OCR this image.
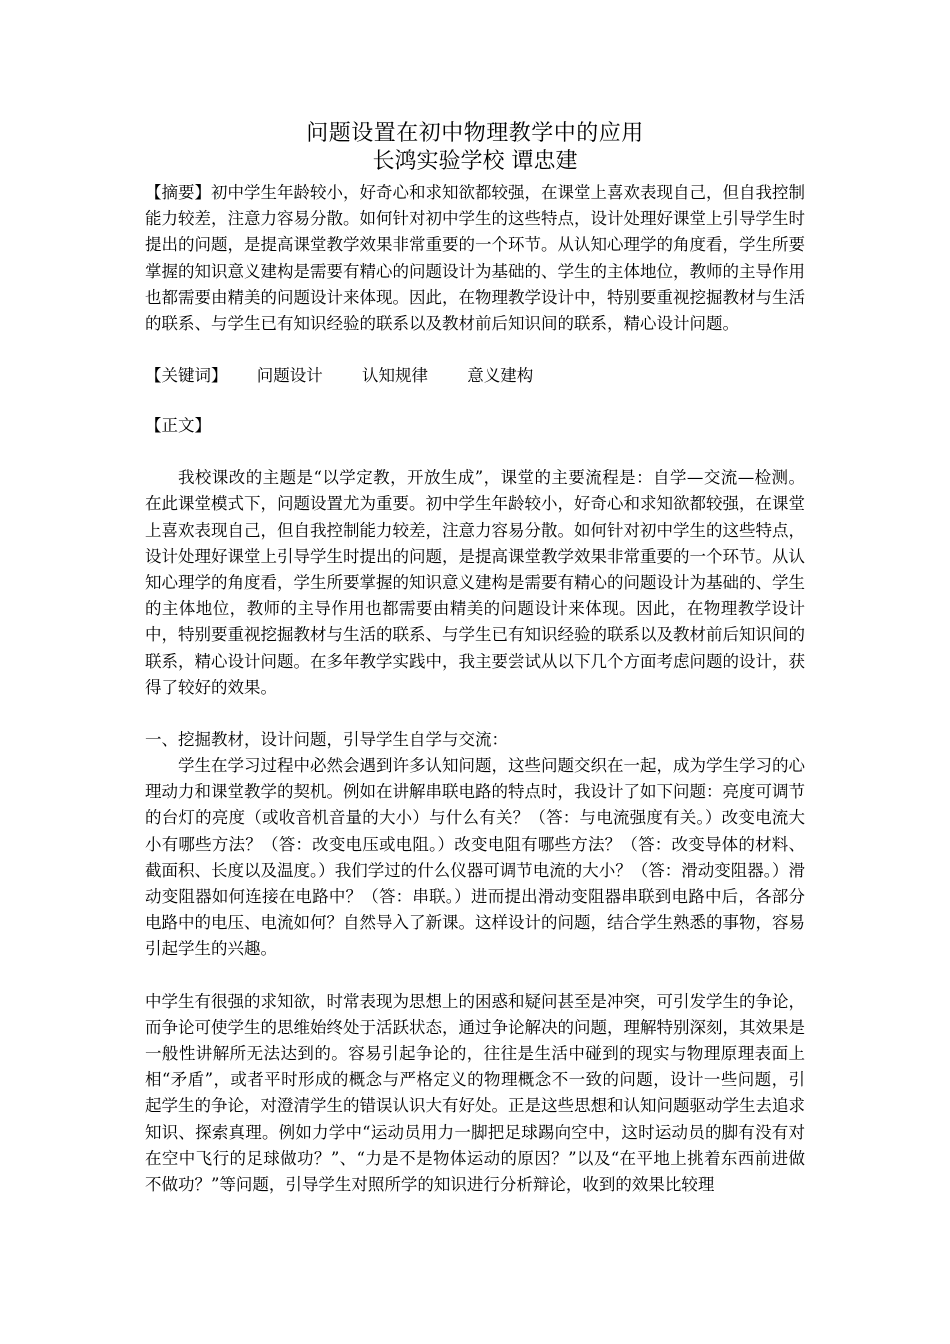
问题设置在初中物理教学中的应用
长鸿实验学校 谭忠建

【摘要】初中学生年龄较小，好奇心和求知欲都较强，在课堂上喜欢表现自己，但自我控制能力较差，注意力容易分散。如何针对初中学生的这些特点，设计处理好课堂上引导学生时提出的问题，是提高课堂教学效果非常重要的一个环节。从认知心理学的角度看，学生所要掌握的知识意义建构是需要有精心的问题设计为基础的、学生的主体地位，教师的主导作用也都需要由精美的问题设计来体现。因此，在物理教学设计中，特别要重视挖掘教材与生活的联系、与学生已有知识经验的联系以及教材前后知识间的联系，精心设计问题。

【关键词】 问题设计 认知规律 意义建构

【正文】

我校课改的主题是“以学定教，开放生成”，课堂的主要流程是：自学—交流—检测。在此课堂模式下，问题设置尤为重要。初中学生年龄较小，好奇心和求知欲都较强，在课堂上喜欢表现自己，但自我控制能力较差，注意力容易分散。如何针对初中学生的这些特点，设计处理好课堂上引导学生时提出的问题，是提高课堂教学效果非常重要的一个环节。从认知心理学的角度看，学生所要掌握的知识意义建构是需要有精心的问题设计为基础的、学生的主体地位，教师的主导作用也都需要由精美的问题设计来体现。因此，在物理教学设计中，特别要重视挖掘教材与生活的联系、与学生已有知识经验的联系以及教材前后知识间的联系，精心设计问题。在多年教学实践中，我主要尝试从以下几个方面考虑问题的设计，获得了较好的效果。

一、挖掘教材，设计问题，引导学生自学与交流：

学生在学习过程中必然会遇到许多认知问题，这些问题交织在一起，成为学生学习的心理动力和课堂教学的契机。例如在讲解串联电路的特点时，我设计了如下问题：亮度可调节的台灯的亮度（或收音机音量的大小）与什么有关？（答：与电流强度有关。）改变电流大小有哪些方法？（答：改变电压或电阻。）改变电阻有哪些方法？（答：改变导体的材料、截面积、长度以及温度。）我们学过的什么仪器可调节电流的大小？（答：滑动变阻器。）滑动变阻器如何连接在电路中？（答：串联。）进而提出滑动变阻器串联到电路中后，各部分电路中的电压、电流如何？自然导入了新课。这样设计的问题，结合学生熟悉的事物，容易引起学生的兴趣。

中学生有很强的求知欲，时常表现为思想上的困惑和疑问甚至是冲突，可引发学生的争论，而争论可使学生的思维始终处于活跃状态，通过争论解决的问题，理解特别深刻，其效果是一般性讲解所无法达到的。容易引起争论的，往往是生活中碰到的现实与物理原理表面上相“矛盾”，或者平时形成的概念与严格定义的物理概念不一致的问题，设计一些问题，引起学生的争论，对澄清学生的错误认识大有好处。正是这些思想和认知问题驱动学生去追求知识、探索真理。例如力学中“运动员用力一脚把足球踢向空中，这时运动员的脚有没有对在空中飞行的足球做功？”、“力是不是物体运动的原因？”以及“在平地上挑着东西前进做不做功？”等问题，引导学生对照所学的知识进行分析辩论，收到的效果比较理
